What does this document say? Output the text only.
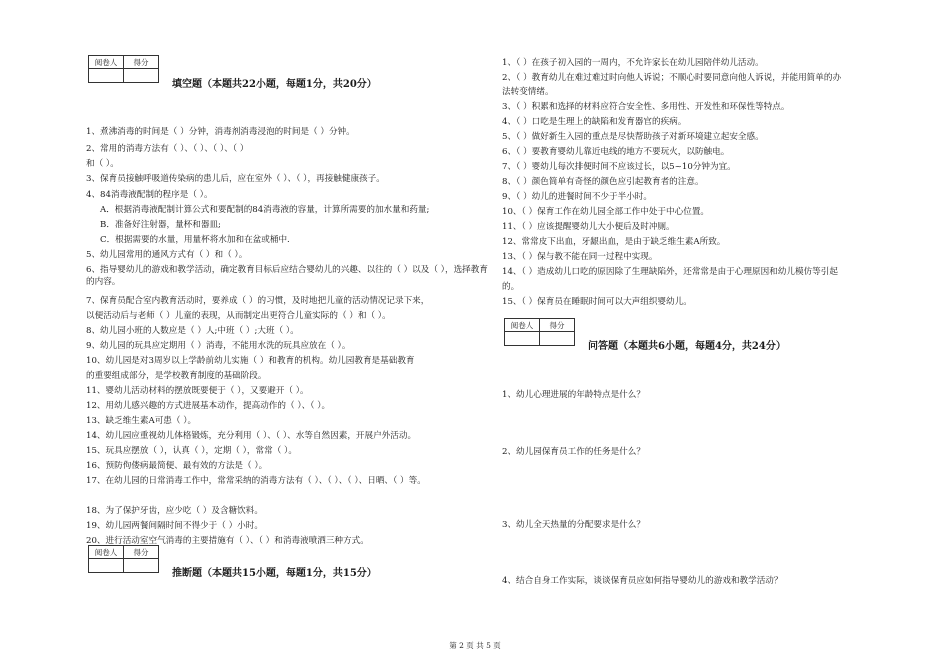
阅卷人	得分

填空题（本题共22小题，每题1分，共20分）
1、煮沸消毒的时间是（ ）分钟，消毒剂消毒浸泡的时间是（ ）分钟。
2、常用的消毒方法有（ ）、（ ）、（ ）、（ ）
和（ ）。
3、保育员接触呼吸道传染病的患儿后，应在室外（ ）、（ ），再接触健康孩子。
4、84消毒液配制的程序是（ ）。
A．根据消毒液配制计算公式和要配制的84消毒液的容量，计算所需要的加水量和药量;
B．准备好注射器，量杯和器皿;
C．根据需要的水量，用量杯将水加和在盆或桶中.
5、幼儿园常用的通风方式有（ ）和（ ）。
6、指导婴幼儿的游戏和教学活动，确定教育目标后应结合婴幼儿的兴趣、以往的（ ）以及（ ），选择教育的内容。
7、保育员配合室内教育活动时，要养成（ ）的习惯，及时地把儿童的活动情况记录下来，
以便活动后与老师（ ）儿童的表现，从而制定出更符合儿童实际的（ ）和（ ）。
8、幼儿园小班的人数应是（ ）人;中班（ ）;大班（ ）。
9、幼儿园的玩具应定期用（ ）消毒，不能用水洗的玩具应放在（ ）。
10、幼儿园是对3周岁以上学龄前幼儿实施（ ）和教育的机构。幼儿园教育是基础教育
的重要组成部分，是学校教育制度的基础阶段。
11、婴幼儿活动材料的摆放既要便于（ ），又要避开（ ）。
12、用幼儿感兴趣的方式进展基本动作，提高动作的（ ）、（ ）。
13、缺乏维生素A可患（ ）。
14、幼儿园应重视幼儿体格锻炼，充分利用（ ）、（ ）、水等自然因素，开展户外活动。
15、玩具应摆放（ ），认真（ ），定期（ ），常常（ ）。
16、预防佝偻病最简便、最有效的方法是（ ）。
17、在幼儿园的日常消毒工作中，常常采纳的消毒方法有（ ）、（ ）、（ ）、日晒、（ ）等。
18、为了保护牙齿，应少吃（ ）及含糖饮料。
19、幼儿园两餐间隔时间不得少于（ ）小时。
20、进行活动室空气消毒的主要措施有（ ）、（ ）和消毒液喷洒三种方式。
阅卷人	得分

推断题（本题共15小题，每题1分，共15分）
1、（ ）在孩子初入园的一周内，不允许家长在幼儿园陪伴幼儿活动。
2、（ ）教育幼儿在难过难过时向他人诉说；不顺心时要同意向他人诉说，并能用简单的办
法转变情绪。
3、（ ）积累和选择的材料应符合安全性、多用性、开发性和环保性等特点。
4、（ ）口吃是生理上的缺陷和发育器官的疾病。
5、（ ）做好新生入园的重点是尽快帮助孩子对新环境建立起安全感。
6、（ ）要教育婴幼儿靠近电线的地方不要玩火，以防触电。
7、（ ）婴幼儿每次排便时间不应该过长，以5~10分钟为宜。
8、（ ）颜色简单有奇怪的颜色应引起教育者的注意。
9、（ ）幼儿的进餐时间不少于半小时。
10、（ ）保育工作在幼儿园全部工作中处于中心位置。
11、（ ）应该提醒婴幼儿大小便后及时冲厕。
12、常常皮下出血，牙龈出血，是由于缺乏维生素A所致。
13、（ ）保与教不能在同一过程中实现。
14、（ ）造成幼儿口吃的原因除了生理缺陷外，还常常是由于心理原因和幼儿模仿等引起
的。
15、（ ）保育员在睡眠时间可以大声组织婴幼儿。
阅卷人	得分

问答题（本题共6小题，每题4分，共24分）
1、幼儿心理进展的年龄特点是什么？
2、幼儿园保育员工作的任务是什么？
3、幼儿全天热量的分配要求是什么？
4、结合自身工作实际，谈谈保育员应如何指导婴幼儿的游戏和教学活动？
第 2 页 共 5 页
